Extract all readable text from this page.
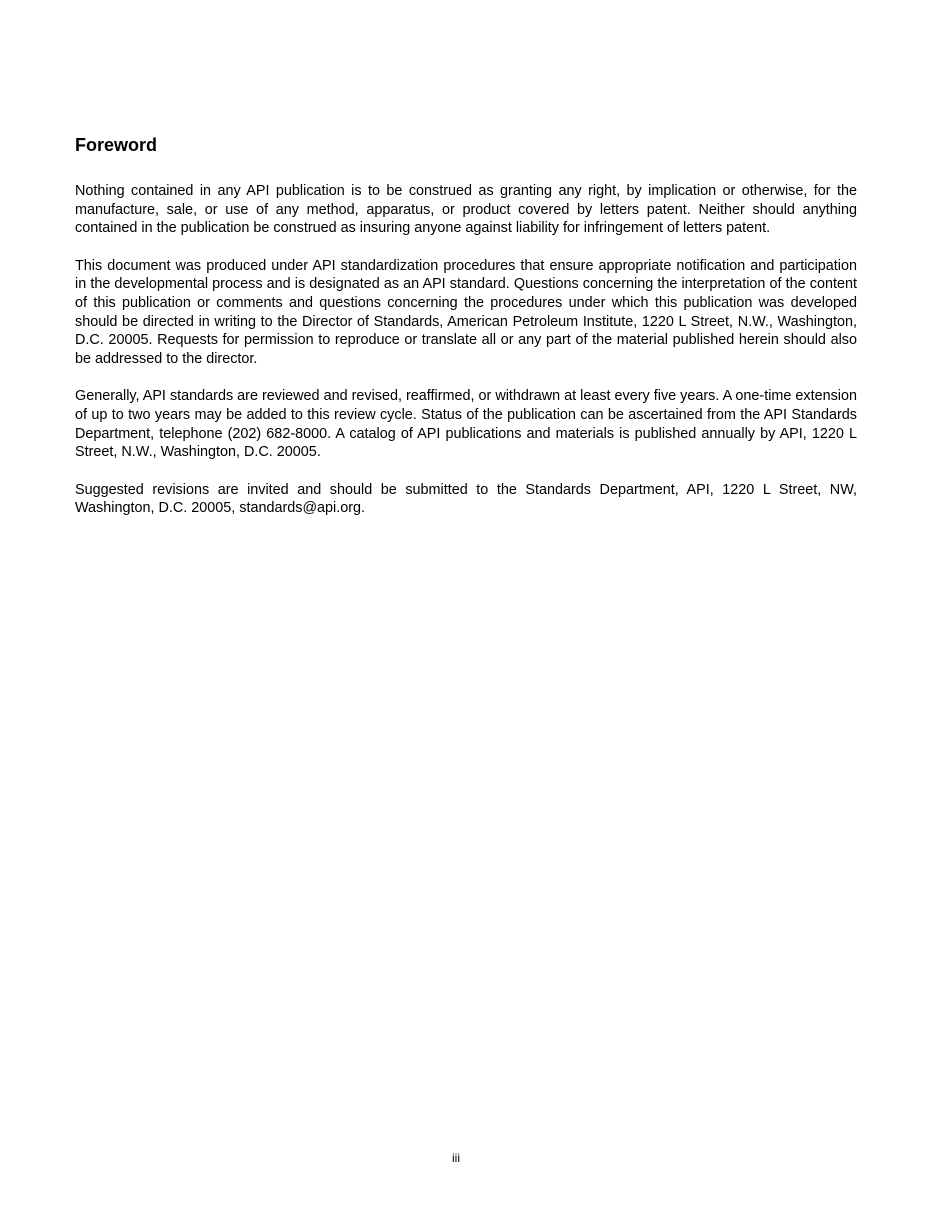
Foreword

Nothing contained in any API publication is to be construed as granting any right, by implication or otherwise, for the manufacture, sale, or use of any method, apparatus, or product covered by letters patent. Neither should anything contained in the publication be construed as insuring anyone against liability for infringement of letters patent.

This document was produced under API standardization procedures that ensure appropriate notification and participation in the developmental process and is designated as an API standard. Questions concerning the interpretation of the content of this publication or comments and questions concerning the procedures under which this publication was developed should be directed in writing to the Director of Standards, American Petroleum Institute, 1220 L Street, N.W., Washington, D.C. 20005. Requests for permission to reproduce or translate all or any part of the material published herein should also be addressed to the director.

Generally, API standards are reviewed and revised, reaffirmed, or withdrawn at least every five years. A one-time extension of up to two years may be added to this review cycle. Status of the publication can be ascertained from the API Standards Department, telephone (202) 682-8000. A catalog of API publications and materials is published annually by API, 1220 L Street, N.W., Washington, D.C. 20005.

Suggested revisions are invited and should be submitted to the Standards Department, API, 1220 L Street, NW, Washington, D.C. 20005, standards@api.org.

iii
